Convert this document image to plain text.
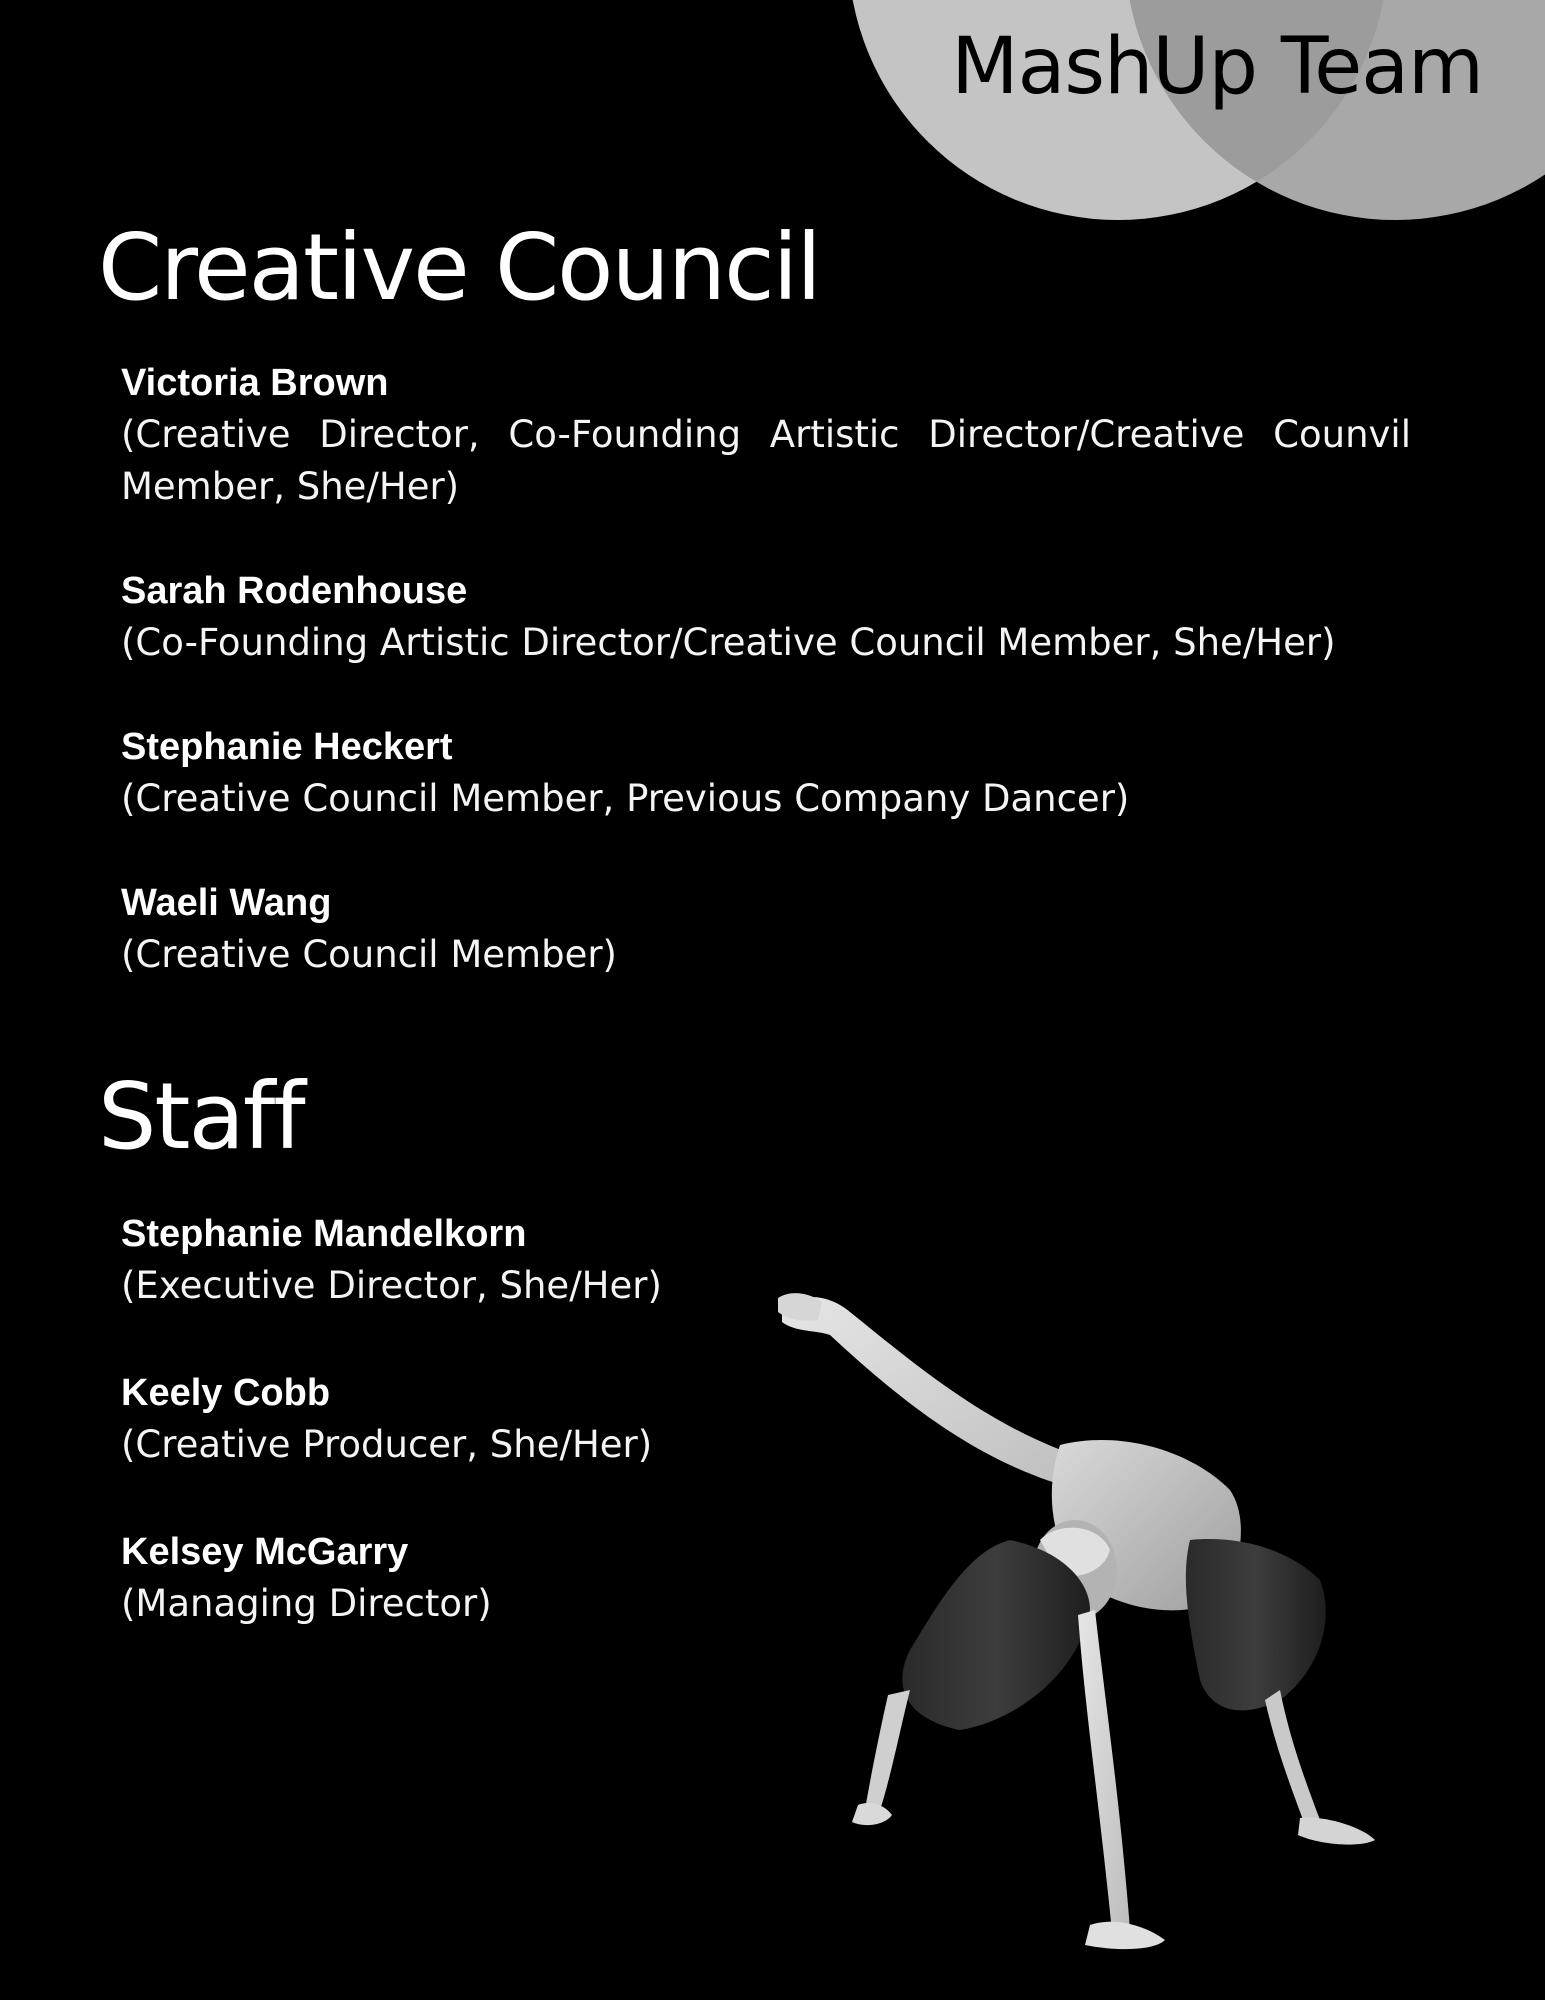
MashUp Team
Creative Council
Victoria Brown
(Creative Director, Co-Founding Artistic Director/Creative Counvil Member, She/Her)
Sarah Rodenhouse
(Co-Founding Artistic Director/Creative Council Member, She/Her)
Stephanie Heckert
(Creative Council Member, Previous Company Dancer)
Waeli Wang
(Creative Council Member)
Staff
Stephanie Mandelkorn
(Executive Director, She/Her)
Keely Cobb
(Creative Producer, She/Her)
Kelsey McGarry
(Managing Director)
